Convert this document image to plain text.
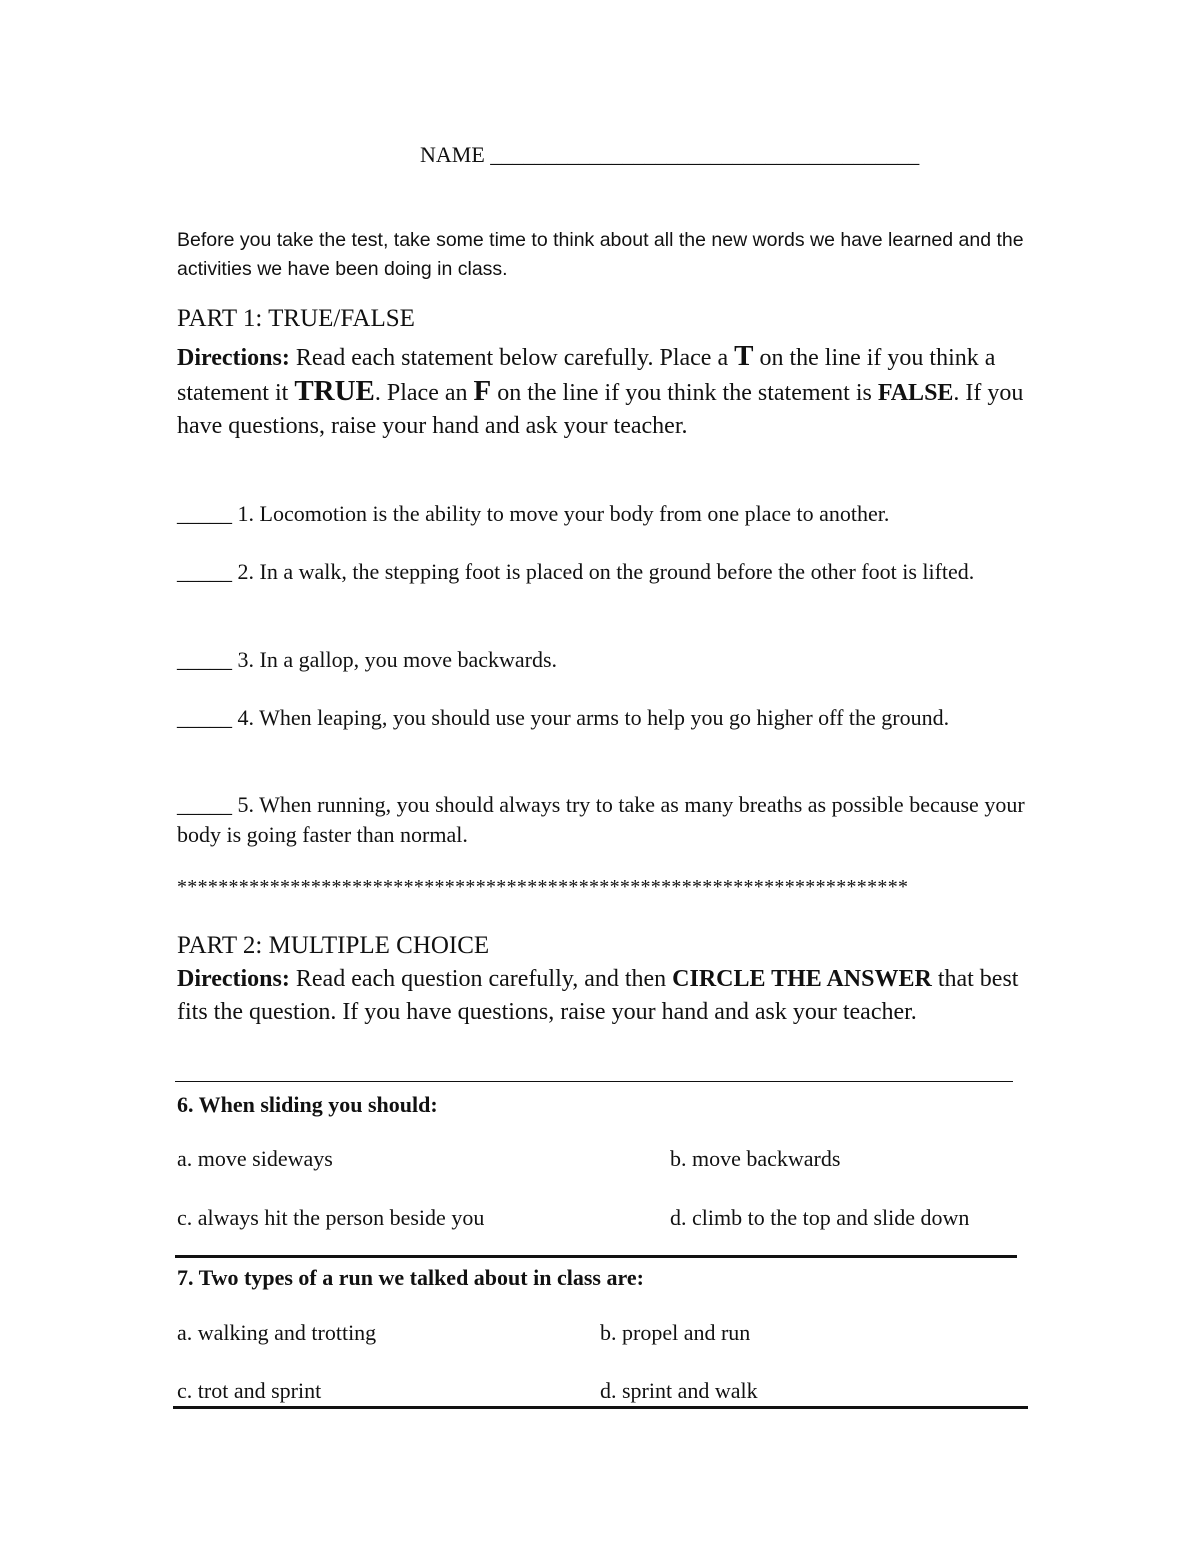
NAME _______________________________________
Before you take the test, take some time to think about all the new words we have learned and the activities we have been doing in class.
PART 1: TRUE/FALSE
Directions: Read each statement below carefully. Place a T on the line if you think a statement it TRUE. Place an F on the line if you think the statement is FALSE. If you have questions, raise your hand and ask your teacher.
_____ 1. Locomotion is the ability to move your body from one place to another.
_____ 2. In a walk, the stepping foot is placed on the ground before the other foot is lifted.
_____ 3. In a gallop, you move backwards.
_____ 4. When leaping, you should use your arms to help you go higher off the ground.
_____ 5. When running, you should always try to take as many breaths as possible because your body is going faster than normal.
***********************************************************************
PART 2: MULTIPLE CHOICE
Directions: Read each question carefully, and then CIRCLE THE ANSWER that best fits the question. If you have questions, raise your hand and ask your teacher.
6. When sliding you should:
a. move sideways	b. move backwards
c. always hit the person beside you	d. climb to the top and slide down
7. Two types of a run we talked about in class are:
a. walking and trotting	b. propel and run
c. trot and sprint	d. sprint and walk
